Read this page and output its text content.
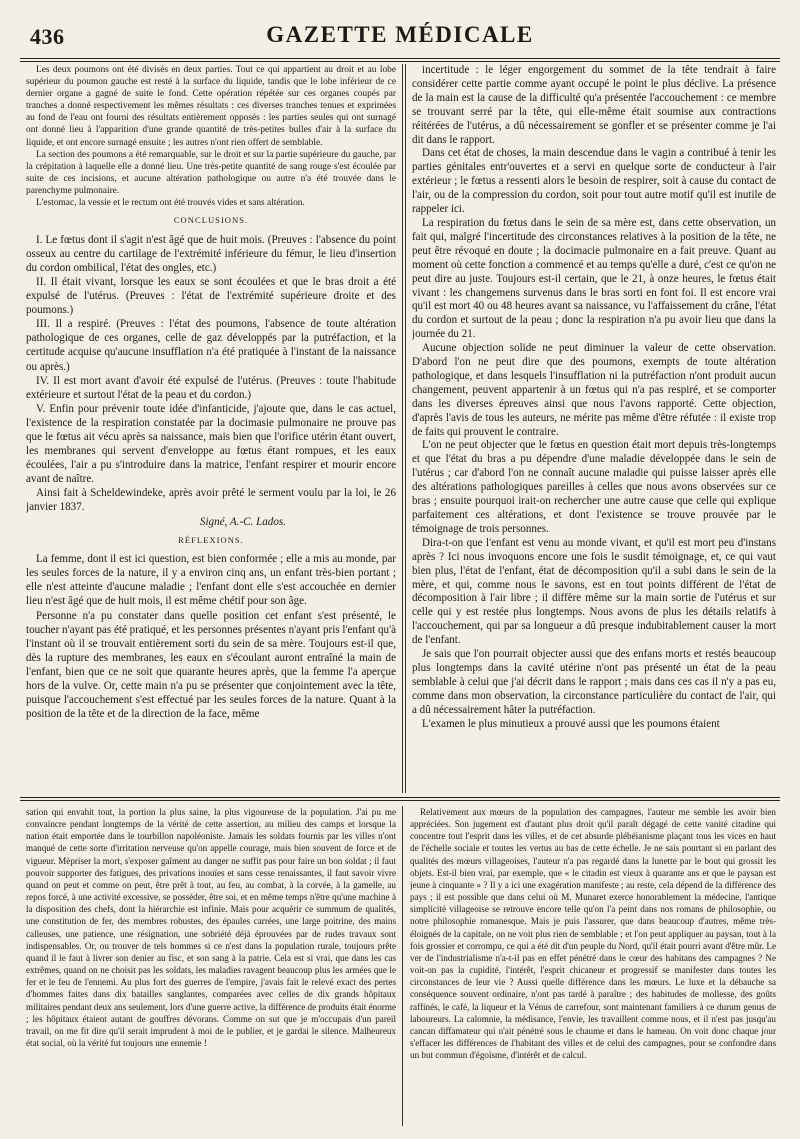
436	GAZETTE MÉDICALE

Les deux poumons ont été divisés en deux parties. Tout ce qui appartient au droit et au lobe supérieur du poumon gauche est resté à la surface du liquide, tandis que le lobe inférieur de ce dernier organe a gagné de suite le fond. Cette opération répétée sur ces organes coupés par tranches a donné respectivement les mêmes résultats : ces diverses tranches tenues et exprimées au fond de l'eau ont fourni des résultats entièrement opposés : les parties seules qui ont surnagé ont donné lieu à l'apparition d'une grande quantité de très-petites bulles d'air à la surface du liquide, et ont encore surnagé ensuite ; les autres n'ont rien offert de semblable.

La section des poumons a été remarquable, sur le droit et sur la partie supérieure du gauche, par la crépitation à laquelle elle a donné lieu. Une très-petite quantité de sang rouge s'est écoulée par suite de ces incisions, et aucune altération pathologique ou autre n'a été trouvée dans le parenchyme pulmonaire.

L'estomac, la vessie et le rectum ont été trouvés vides et sans altération.

CONCLUSIONS.

I. Le fœtus dont il s'agit n'est âgé que de huit mois. (Preuves : l'absence du point osseux au centre du cartilage de l'extrémité inférieure du fémur, le lieu d'insertion du cordon ombilical, l'état des ongles, etc.)

II. Il était vivant, lorsque les eaux se sont écoulées et que le bras droit a été expulsé de l'utérus. (Preuves : l'état de l'extrémité supérieure droite et des poumons.)

III. Il a respiré. (Preuves : l'état des poumons, l'absence de toute altération pathologique de ces organes, celle de gaz développés par la putréfaction, et la certitude acquise qu'aucune insufflation n'a été pratiquée à l'instant de la naissance ou après.)

IV. Il est mort avant d'avoir été expulsé de l'utérus. (Preuves : toute l'habitude extérieure et surtout l'état de la peau et du cordon.)

V. Enfin pour prévenir toute idée d'infanticide, j'ajoute que, dans le cas actuel, l'existence de la respiration constatée par la docimasie pulmonaire ne prouve pas que le fœtus ait vécu après sa naissance, mais bien que l'orifice utérin étant ouvert, les membranes qui servent d'enveloppe au fœtus étant rompues, et les eaux écoulées, l'air a pu s'introduire dans la matrice, l'enfant respirer et mourir encore avant de naître.

Ainsi fait à Scheldewindeke, après avoir prêté le serment voulu par la loi, le 26 janvier 1837.

Signé, A.-C. Lados.

RÉFLEXIONS.

La femme, dont il est ici question, est bien conformée ; elle a mis au monde, par les seules forces de la nature, il y a environ cinq ans, un enfant très-bien portant ; elle n'est atteinte d'aucune maladie ; l'enfant dont elle s'est accouchée en dernier lieu n'est âgé que de huit mois, il est même chétif pour son âge.

Personne n'a pu constater dans quelle position cet enfant s'est présenté, le toucher n'ayant pas été pratiqué, et les personnes présentes n'ayant pris l'enfant qu'à l'instant où il se trouvait entièrement sorti du sein de sa mère. Toujours est-il que, dès la rupture des membranes, les eaux en s'écoulant auront entraîné la main de l'enfant, bien que ce ne soit que quarante heures après, que la femme l'a aperçue hors de la vulve. Or, cette main n'a pu se présenter que conjointement avec la tête, puisque l'accouchement s'est effectué par les seules forces de la nature. Quant à la position de la tête et de la direction de la face, même

incertitude : le léger engorgement du sommet de la tête tendrait à faire considérer cette partie comme ayant occupé le point le plus déclive. La présence de la main est la cause de la difficulté qu'a présentée l'accouchement : ce membre se trouvant serré par la tête, qui elle-même était soumise aux contractions réitérées de l'utérus, a dû nécessairement se gonfler et se présenter comme je l'ai dit dans le rapport.

Dans cet état de choses, la main descendue dans le vagin a contribué à tenir les parties génitales entr'ouvertes et a servi en quelque sorte de conducteur à l'air extérieur ; le fœtus a ressenti alors le besoin de respirer, soit à cause du contact de l'air, ou de la compression du cordon, soit pour tout autre motif qu'il est inutile de rappeler ici.

La respiration du fœtus dans le sein de sa mère est, dans cette observation, un fait qui, malgré l'incertitude des circonstances relatives à la position de la tête, ne peut être révoqué en doute ; la docimacie pulmonaire en a fait preuve. Quant au moment où cette fonction a commencé et au temps qu'elle a duré, c'est ce qu'on ne peut dire au juste. Toujours est-il certain, que le 21, à onze heures, le fœtus était vivant : les changemens survenus dans le bras sorti en font foi. Il est encore vrai qu'il est mort 40 ou 48 heures avant sa naissance, vu l'affaissement du crâne, l'état du cordon et surtout de la peau ; donc la respiration n'a pu avoir lieu que dans la journée du 21.

Aucune objection solide ne peut diminuer la valeur de cette observation. D'abord l'on ne peut dire que des poumons, exempts de toute altération pathologique, et dans lesquels l'insufflation ni la putréfaction n'ont produit aucun changement, peuvent appartenir à un fœtus qui n'a pas respiré, et se comporter dans les diverses épreuves ainsi que nous l'avons rapporté. Cette objection, d'après l'avis de tous les auteurs, ne mérite pas même d'être réfutée : il existe trop de faits qui prouvent le contraire.

L'on ne peut objecter que le fœtus en question était mort depuis très-longtemps et que l'état du bras a pu dépendre d'une maladie développée dans le sein de l'utérus ; car d'abord l'on ne connaît aucune maladie qui puisse laisser après elle des altérations pathologiques pareilles à celles que nous avons observées sur ce bras ; ensuite pourquoi irait-on rechercher une autre cause que celle qui explique parfaitement ces altérations, et dont l'existence se trouve prouvée par le témoignage de trois personnes.

Dira-t-on que l'enfant est venu au monde vivant, et qu'il est mort peu d'instans après ? Ici nous invoquons encore une fois le susdit témoignage, et, ce qui vaut bien plus, l'état de l'enfant, état de décomposition qu'il a subi dans le sein de la mère, et qui, comme nous le savons, est en tout points différent de l'état de décomposition à l'air libre ; il diffère même sur la main sortie de l'utérus et sur celle qui y est restée plus longtemps. Nous avons de plus les détails relatifs à l'accouchement, qui par sa longueur a dû presque indubitablement causer la mort de l'enfant.

Je sais que l'on pourrait objecter aussi que des enfans morts et restés beaucoup plus longtemps dans la cavité utérine n'ont pas présenté un état de la peau semblable à celui que j'ai décrit dans le rapport ; mais dans ces cas il n'y a pas eu, comme dans mon observation, la circonstance particulière du contact de l'air, qui a dû nécessairement hâter la putréfaction.

L'examen le plus minutieux a prouvé aussi que les poumons étaient

sation qui envahit tout, la portion la plus saine, la plus vigoureuse de la population. J'ai pu me convaincre pendant longtemps de la vérité de cette assertion, au milieu des camps et lorsque la nation était emportée dans le tourbillon napoléoniste. Jamais les soldats fournis par les villes n'ont manqué de cette sorte d'irritation nerveuse qu'on appelle courage, mais bien souvent de force et de vigueur. Mépriser la mort, s'exposer gaîment au danger ne suffit pas pour faire un bon soldat ; il faut pouvoir supporter des fatigues, des privations inouïes et sans cesse renaissantes, il faut savoir vivre quand on peut et comme on peut, être prêt à tout, au feu, au combat, à la corvée, à la gamelle, au repos forcé, à une activité excessive, se posséder, être soi, et en même temps n'être qu'une machine à la disposition des chefs, dont la hiérarchie est infinie. Mais pour acquérir ce summum de qualités, une constitution de fer, des membres robustes, des épaules carrées, une large poitrine, des mains calleuses, une patience, une résignation, une sobriété déjà éprouvées par de rudes travaux sont indispensables. Or, ou trouver de tels hommes si ce n'est dans la population rurale, toujours prête quand il le faut à livrer son denier au fisc, et son sang à la patrie. Cela est si vrai, que dans les cas extrêmes, quand on ne choisit pas les soldats, les maladies ravagent beaucoup plus les armées que le fer et le feu de l'ennemi. Au plus fort des guerres de l'empire, j'avais fait le relevé exact des pertes d'hommes faites dans dix batailles sanglantes, comparées avec celles de dix grands hôpitaux militaires pendant deux ans seulement, lors d'une guerre active, la différence de produits était énorme ; les hôpitaux étaient autant de gouffres dévorans. Comme on sut que je m'occupais d'un pareil travail, on me fit dire qu'il serait imprudent à moi de le publier, et je gardai le silence. Malheureux état social, où la vérité fut toujours une ennemie !

Relativement aux mœurs de la population des campagnes, l'auteur me semble les avoir bien appréciées. Son jugement est d'autant plus droit qu'il paraît dégagé de cette vanité citadine qui concentre tout l'esprit dans les villes, et de cet absurde plébéianisme plaçant tous les vices en haut de l'échelle sociale et toutes les vertus au bas de cette échelle. Je ne sais pourtant si en parlant des qualités des mœurs villageoises, l'auteur n'a pas regardé dans la lunette par le bout qui grossit les objets. Est-il bien vrai, par exemple, que « le citadin est vieux à quarante ans et que le paysan est jeune à cinquante » ? Il y a ici une exagération manifeste ; au reste, cela dépend de la différence des pays ; il est possible que dans celui où M. Munaret exerce honorablement la médecine, l'antique simplicité villageoise se retrouve encore telle qu'on l'a peint dans nos romans de philosophie, ou notre philosophie romanesque. Mais je puis l'assurer, que dans beaucoup d'autres, même très-éloignés de la capitale, on ne voit plus rien de semblable ; et l'on peut appliquer au paysan, tout à la fois grossier et corrompu, ce qui a été dit d'un peuple du Nord, qu'il était pourri avant d'être mûr. Le ver de l'industrialisme n'a-t-il pas en effet pénétré dans le cœur des habitans des campagnes ? Ne voit-on pas la cupidité, l'intérêt, l'esprit chicaneur et progressif se manifester dans toutes les circonstances de leur vie ? Aussi quelle différence dans les mœurs. Le luxe et la débauche sa conséquence souvent ordinaire, n'ont pas tardé à paraître ; des habitudes de mollesse, des goûts raffinés, le café, la liqueur et la Vénus de carrefour, sont maintenant familiers à ce durum genus de laboureurs. La calomnie, la médisance, l'envie, les travaillent comme nous, et il n'est pas jusqu'au cancan diffamateur qui n'ait pénétré sous le chaume et dans le hameau. On voit donc chaque jour s'effacer les différences de l'habitant des villes et de celui des campagnes, pour se confondre dans un but commun d'égoïsme, d'intérêt et de calcul.
